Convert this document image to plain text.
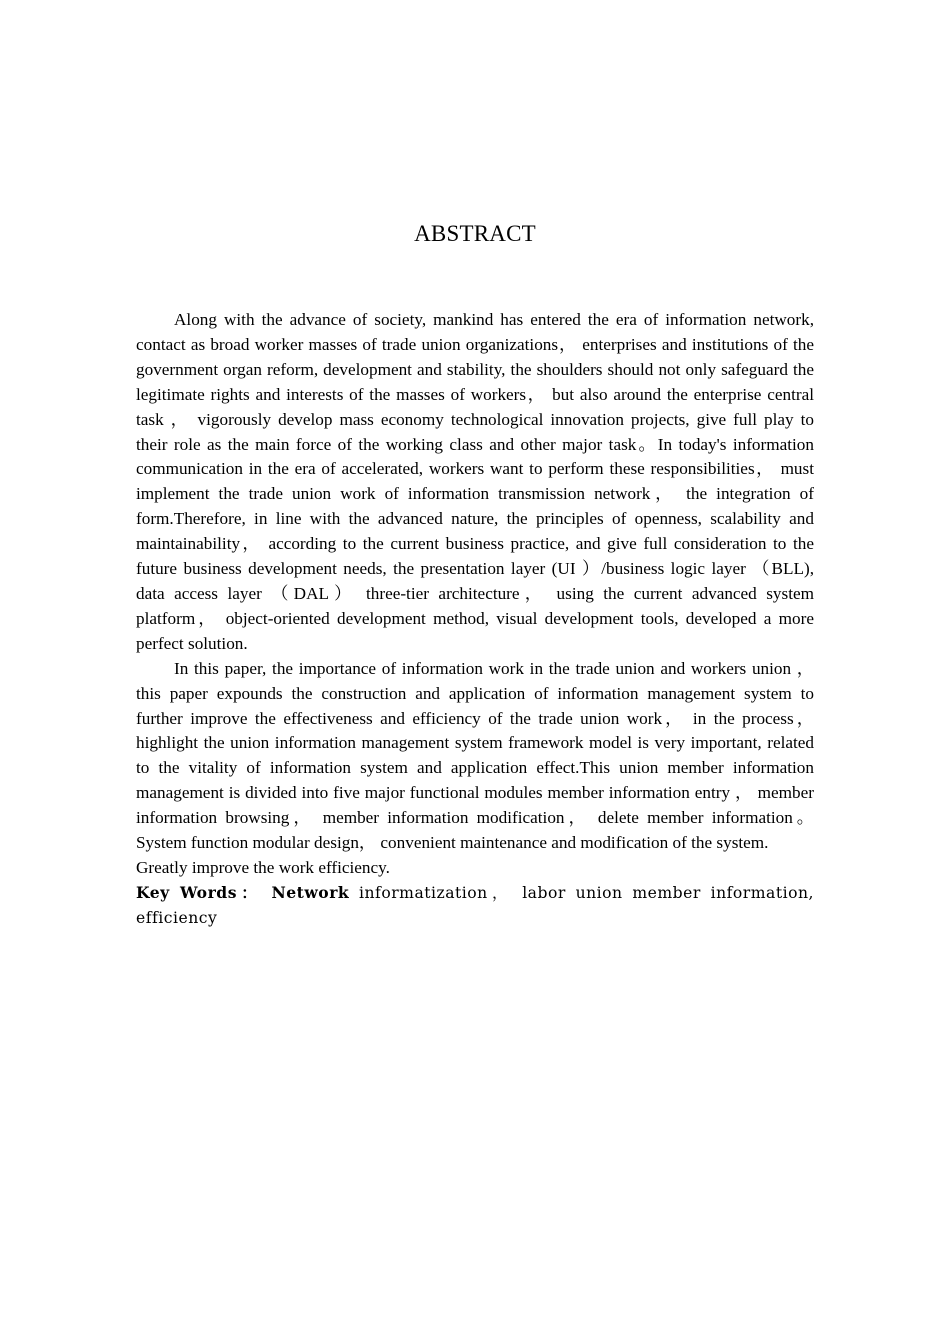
ABSTRACT

Along with the advance of society, mankind has entered the era of information network, contact as broad worker masses of trade union organizations， enterprises and institutions of the government organ reform, development and stability, the shoulders should not only safeguard the legitimate rights and interests of the masses of workers， but also around the enterprise central task ， vigorously develop mass economy technological innovation projects, give full play to their role as the main force of the working class and other major task。In today's information communication in the era of accelerated, workers want to perform these responsibilities， must implement the trade union work of information transmission network， the integration of form.Therefore, in line with the advanced nature, the principles of openness, scalability and maintainability， according to the current business practice, and give full consideration to the future business development needs, the presentation layer (UI ）/business logic layer （BLL), data access layer （DAL） three-tier architecture， using the current advanced system platform， object-oriented development method, visual development tools, developed a more perfect solution.

In this paper, the importance of information work in the trade union and workers union ， this paper expounds the construction and application of information management system to further improve the effectiveness and efficiency of the trade union work， in the process， highlight the union information management system framework model is very important, related to the vitality of information system and application effect.This union member information management is divided into five major functional modules member information entry ， member information browsing， member information modification， delete member information。System function modular design， convenient maintenance and modification of the system.

Greatly improve the work efficiency.

Key Words： Network informatization， labor union member information, efficiency
